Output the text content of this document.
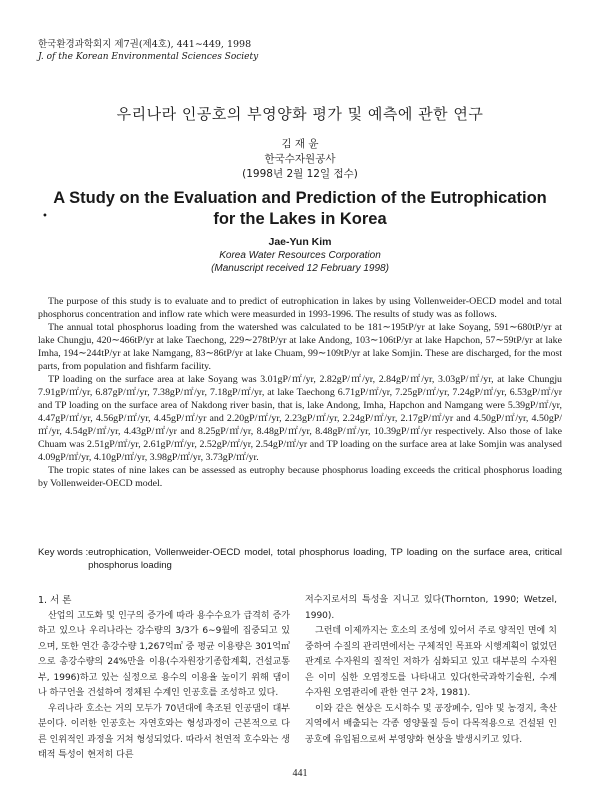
한국환경과학회지 제7권(제4호), 441∼449, 1998
J. of the Korean Environmental Sciences Society
우리나라 인공호의 부영양화 평가 및 예측에 관한 연구
김 재 윤
한국수자원공사
(1998년 2월 12일 접수)
A Study on the Evaluation and Prediction of the Eutrophication
for the Lakes in Korea
•
Jae-Yun Kim
Korea Water Resources Corporation
(Manuscript received 12 February 1998)

The purpose of this study is to evaluate and to predict of eutrophication in lakes by using Vollenweider-OECD model and total phosphorus concentration and inflow rate which were measurded in 1993-1996. The results of study was as follows.

The annual total phosphorus loading from the watershed was calculated to be 181∼195tP/yr at lake Soyang, 591∼680tP/yr at lake Chungju, 420∼466tP/yr at lake Taechong, 229∼278tP/yr at lake Andong, 103∼106tP/yr at lake Hapchon, 57∼59tP/yr at lake Imha, 194∼244tP/yr at lake Namgang, 83∼86tP/yr at lake Chuam, 99∼109tP/yr at lake Somjin. These are discharged, for the most parts, from population and fishfarm facility.

TP loading on the surface area at lake Soyang was 3.01gP/㎡/yr, 2.82gP/㎡/yr, 2.84gP/㎡/yr, 3.03gP/㎡/yr, at lake Chungju 7.91gP/㎡/yr, 6.87gP/㎡/yr, 7.38gP/㎡/yr, 7.18gP/㎡/yr, at lake Taechong 6.71gP/㎡/yr, 7.25gP/㎡/yr, 7.24gP/㎡/yr, 6.53gP/㎡/yr and TP loading on the surface area of Nakdong river basin, that is, lake Andong, Imha, Hapchon and Namgang were 5.39gP/㎡/yr, 4.47gP/㎡/yr, 4.56gP/㎡/yr, 4.45gP/㎡/yr and 2.20gP/㎡/yr, 2.23gP/㎡/yr, 2.24gP/㎡/yr, 2.17gP/㎡/yr and 4.50gP/㎡/yr, 4.50gP/㎡/yr, 4.54gP/㎡/yr, 4.43gP/㎡/yr and 8.25gP/㎡/yr, 8.48gP/㎡/yr, 8.48gP/㎡/yr, 10.39gP/㎡/yr respectively. Also those of lake Chuam was 2.51gP/㎡/yr, 2.61gP/㎡/yr, 2.52gP/㎡/yr, 2.54gP/㎡/yr and TP loading on the surface area at lake Somjin was analysed 4.09gP/㎡/yr, 4.10gP/㎡/yr, 3.98gP/㎡/yr, 3.73gP/㎡/yr.

The tropic states of nine lakes can be assessed as eutrophy because phosphorus loading exceeds the critical phosphorus loading by Vollenweider-OECD model.

Key words : eutrophication, Vollenweider-OECD model, total phosphorus loading, TP loading on the surface area, critical phosphorus loading
1. 서 론

산업의 고도화 및 인구의 증가에 따라 용수수요가 급격히 증가하고 있으나 우리나라는 강수량의 3/3가 6∼9월에 집중되고 있으며, 또한 연간 총강수량 1,267억㎥ 중 평균 이용량은 301억㎥으로 총강수량의 24%만을 이용(수자원장기종합계획, 건설교통부, 1996)하고 있는 실정으로 용수의 이용율 높이기 위해 댐이나 하구언을 건설하여 정체된 수계인 인공호를 조성하고 있다.

우리나라 호소는 거의 모두가 70년대에 축조된 인공댐이 대부분이다. 이러한 인공호는 자연호와는 형성과정이 근본적으로 다른 인위적인 과정을 거쳐 형성되었다. 따라서 천연적 호수와는 생태적 특성이 현저히 다른

저수지로서의 특성을 지니고 있다(Thornton, 1990; Wetzel, 1990).

그런데 이제까지는 호소의 조성에 있어서 주로 양적인 면에 치중하여 수질의 관리면에서는 구체적인 목표와 시행계획이 없었던 관계로 수자원의 질적인 저하가 심화되고 있고 대부분의 수자원은 이미 심한 오염정도를 나타내고 있다(한국과학기술원, 수계 수자원 오염관리에 관한 연구 2차, 1981).

이와 같은 현상은 도시하수 및 공장폐수, 임야 및 농경지, 축산지역에서 배출되는 각종 영양물질 등이 다목적용으로 건설된 인공호에 유입됨으로써 부영양화 현상을 발생시키고 있다.

441
